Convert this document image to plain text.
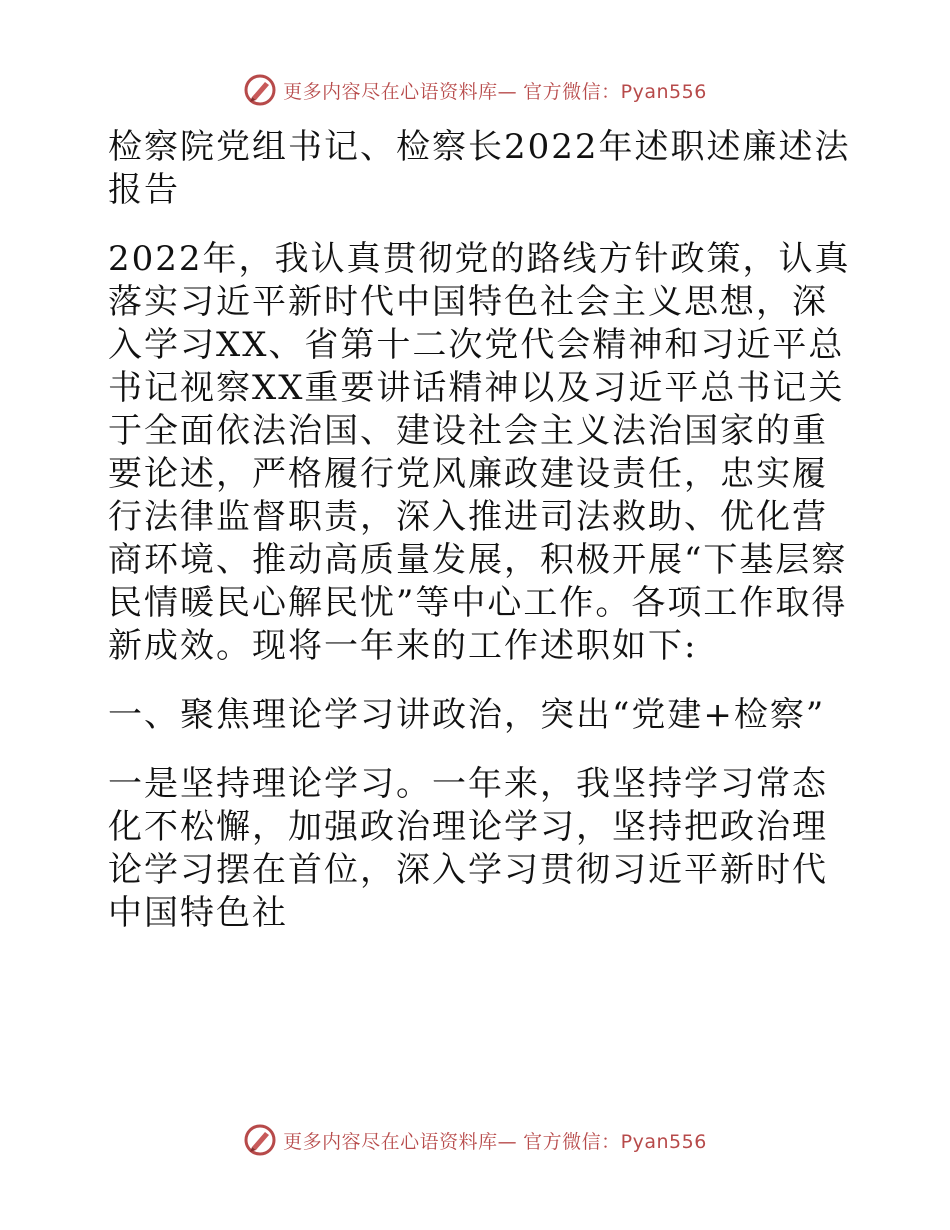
更多内容尽在心语资料库— 官方微信：Pyan556

检察院党组书记、检察长2022年述职述廉述法报告

2022年，我认真贯彻党的路线方针政策，认真落实习近平新时代中国特色社会主义思想，深入学习XX、省第十二次党代会精神和习近平总书记视察XX重要讲话精神以及习近平总书记关于全面依法治国、建设社会主义法治国家的重要论述，严格履行党风廉政建设责任，忠实履行法律监督职责，深入推进司法救助、优化营商环境、推动高质量发展，积极开展“下基层察民情暖民心解民忧”等中心工作。各项工作取得新成效。现将一年来的工作述职如下:

一、聚焦理论学习讲政治，突出“党建+检察”

一是坚持理论学习。一年来，我坚持学习常态化不松懈，加强政治理论学习，坚持把政治理论学习摆在首位，深入学习贯彻习近平新时代中国特色社

更多内容尽在心语资料库— 官方微信：Pyan556
